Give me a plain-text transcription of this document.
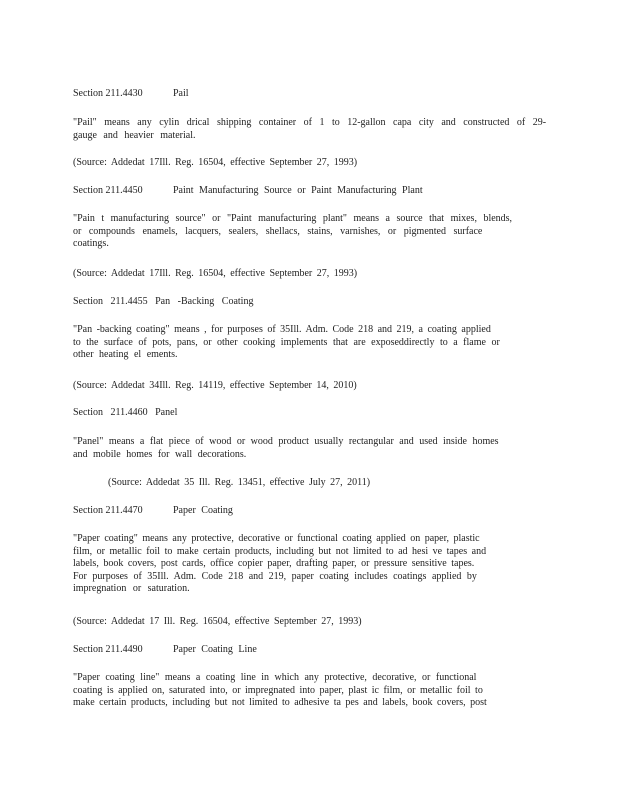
Section 211.4430	Pail
"Pail" means any cylin drical shipping container of 1 to 12-gallon capa city and constructed of 29-
gauge and heavier material.
(Source: Addedat 17Ill. Reg. 16504, effective September 27, 1993)
Section 211.4450	Paint Manufacturing Source or Paint Manufacturing Plant
"Pain t manufacturing source" or "Paint manufacturing plant" means a source that mixes, blends,
or compounds enamels, lacquers, sealers, shellacs, stains, varnishes, or pigmented surface
coatings.
(Source: Addedat 17Ill. Reg. 16504, effective September 27, 1993)
Section 211.4455 Pan -Backing Coating
"Pan -backing coating" means , for purposes of 35Ill. Adm. Code 218 and 219, a coating applied
to the surface of pots, pans, or other cooking implements that are exposeddirectly to a flame or
other heating el ements.
(Source: Addedat 34Ill. Reg. 14119, effective September 14, 2010)
Section 211.4460 Panel
"Panel" means a flat piece of wood or wood product usually rectangular and used inside homes
and mobile homes for wall decorations.
(Source: Addedat 35 Ill. Reg. 13451, effective July 27, 2011)
Section 211.4470	Paper Coating
"Paper coating" means any protective, decorative or functional coating applied on paper, plastic
film, or metallic foil to make certain products, including but not limited to ad hesi ve tapes and
labels, book covers, post cards, office copier paper, drafting paper, or pressure sensitive tapes.
For purposes of 35Ill. Adm. Code 218 and 219, paper coating includes coatings applied by
impregnation or saturation.
(Source: Addedat 17 Ill. Reg. 16504, effective September 27, 1993)
Section 211.4490	Paper Coating Line
"Paper coating line" means a coating line in which any protective, decorative, or functional
coating is applied on, saturated into, or impregnated into paper, plast ic film, or metallic foil to
make certain products, including but not limited to adhesive ta pes and labels, book covers, post
